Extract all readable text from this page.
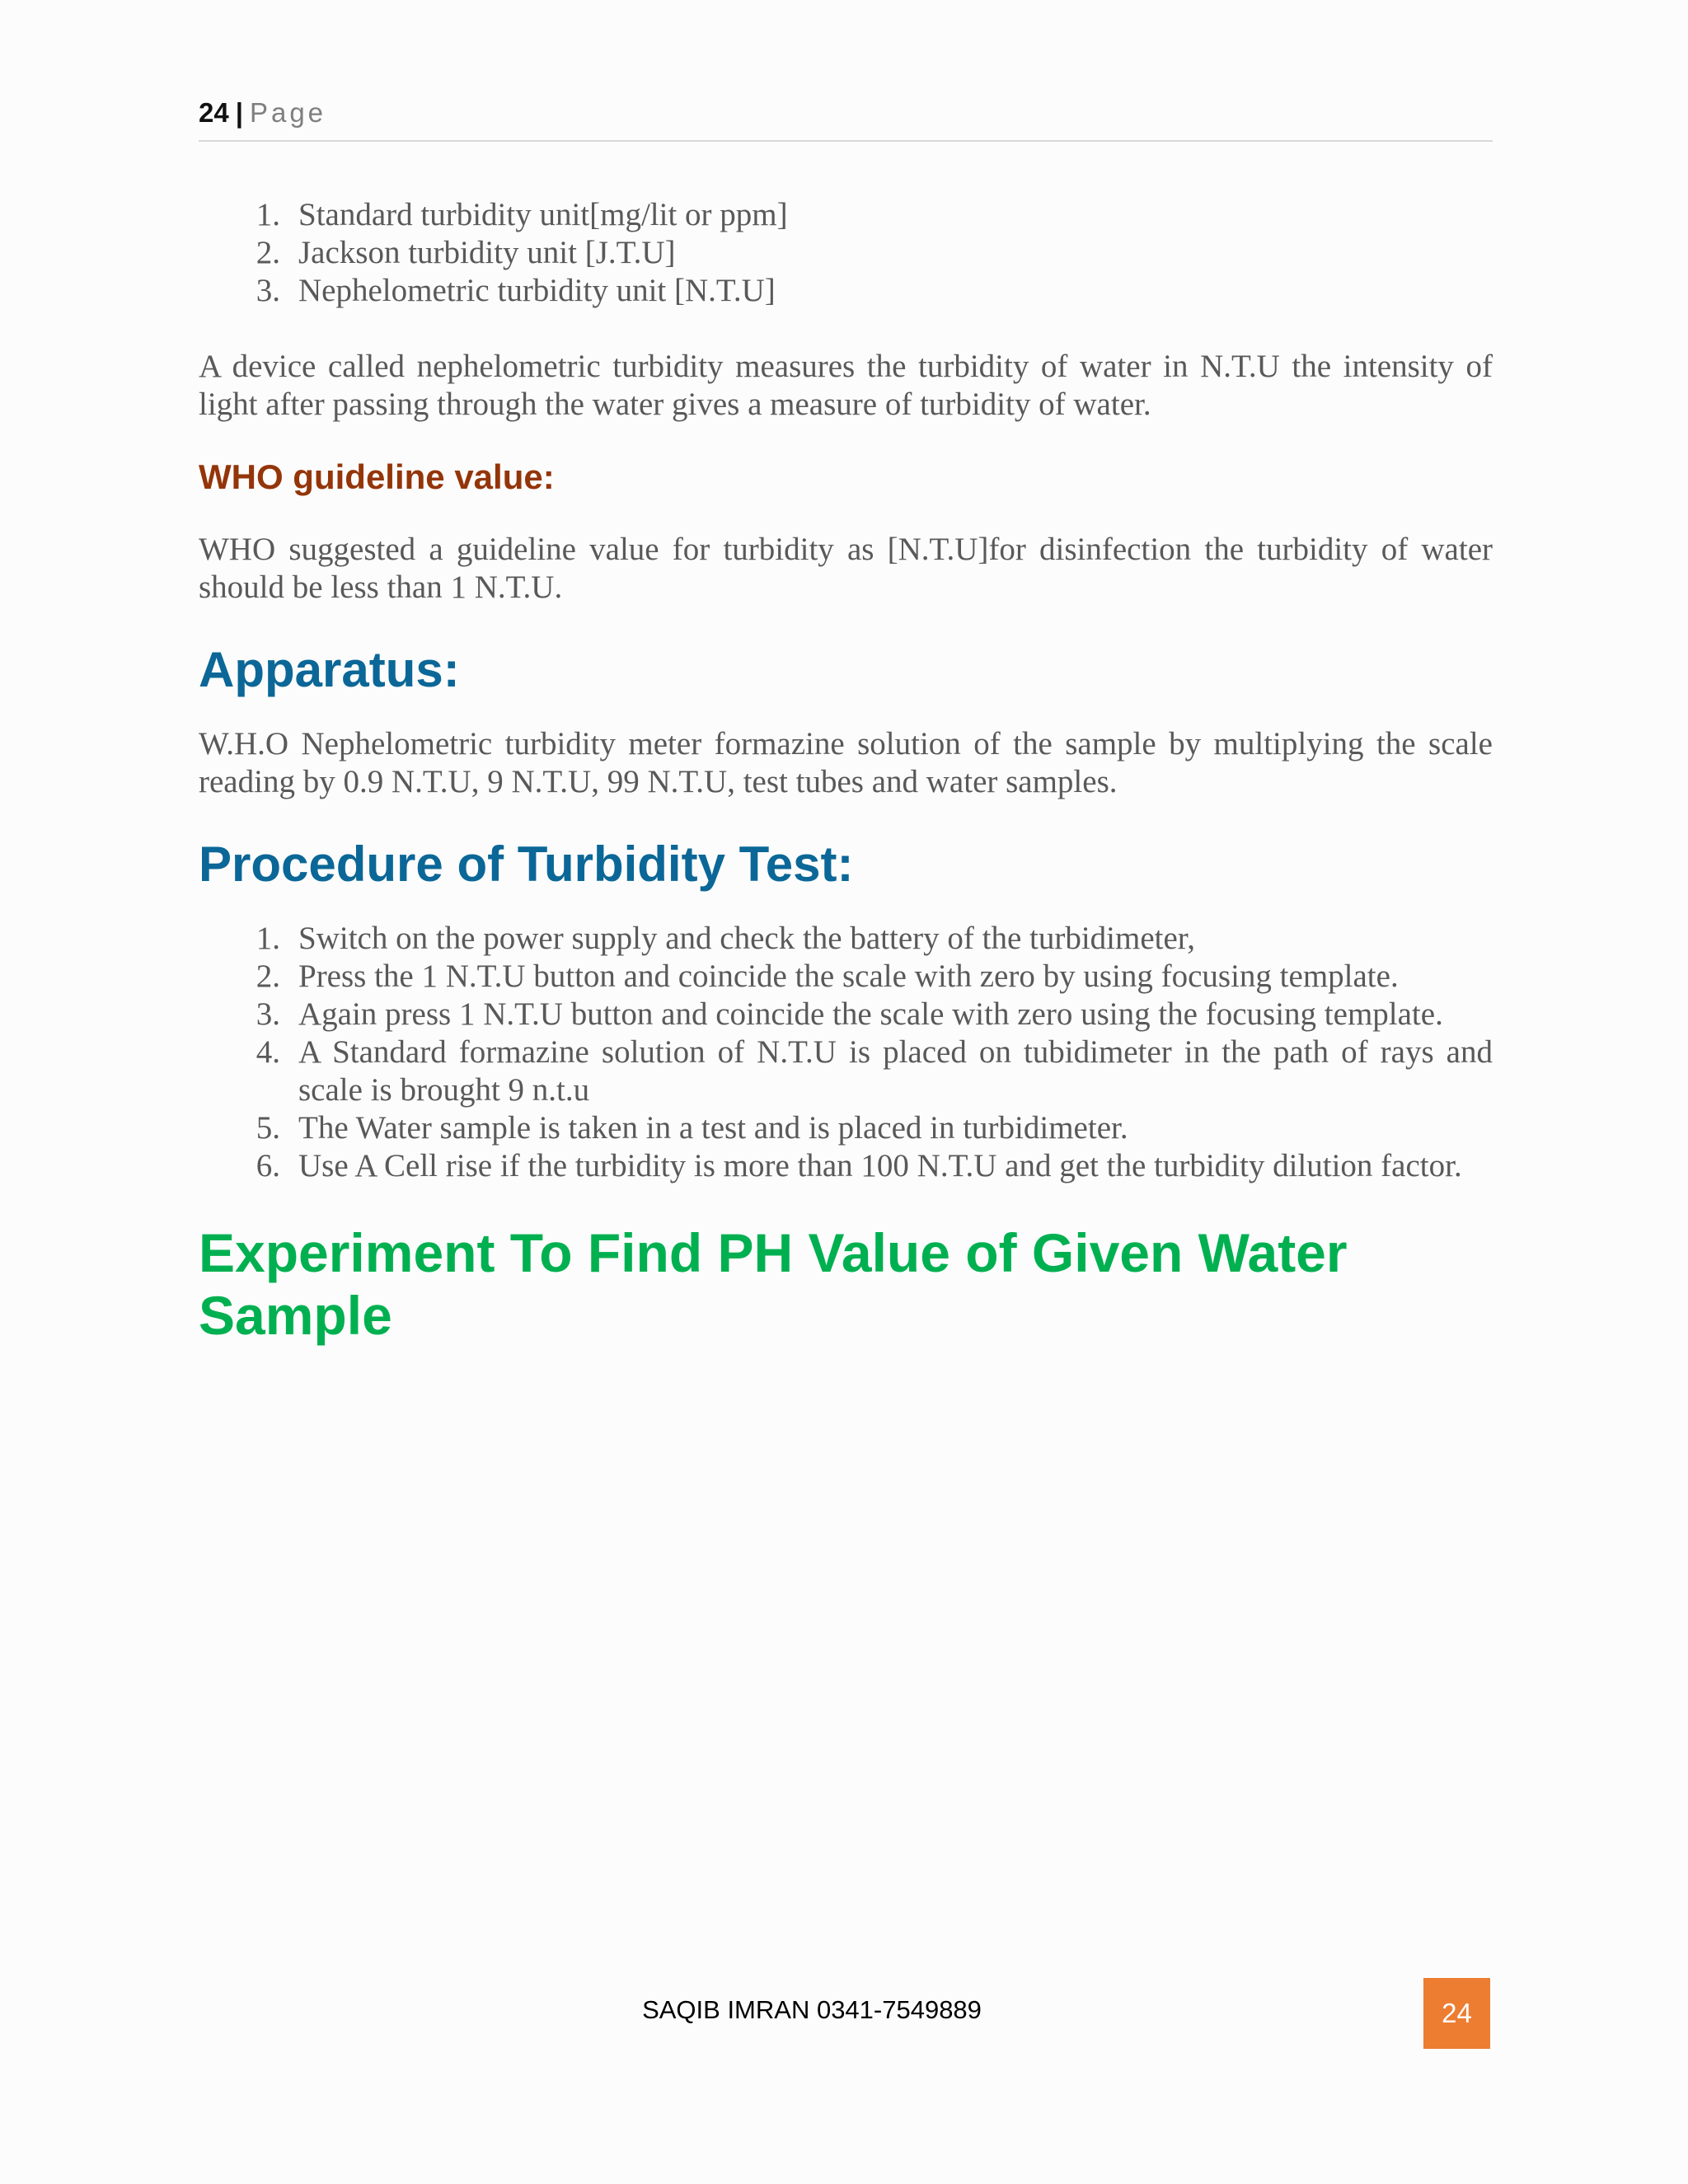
24 | Page
1. Standard turbidity unit[mg/lit or ppm]
2. Jackson turbidity unit [J.T.U]
3. Nephelometric turbidity unit [N.T.U]

A device called nephelometric turbidity measures the turbidity of water in N.T.U the intensity of light after passing through the water gives a measure of turbidity of water.

WHO guideline value:

WHO suggested a guideline value for turbidity as [N.T.U]for disinfection the turbidity of water should be less than 1 N.T.U.

Apparatus:

W.H.O Nephelometric turbidity meter formazine solution of the sample by multiplying the scale reading by 0.9 N.T.U, 9 N.T.U, 99 N.T.U, test tubes and water samples.

Procedure of Turbidity Test:
1. Switch on the power supply and check the battery of the turbidimeter,
2. Press the 1 N.T.U button and coincide the scale with zero by using focusing template.
3. Again press 1 N.T.U button and coincide the scale with zero using the focusing template.
4. A Standard formazine solution of N.T.U is placed on tubidimeter in the path of rays and scale is brought 9 n.t.u
5. The Water sample is taken in a test and is placed in turbidimeter.
6. Use A Cell rise if the turbidity is more than 100 N.T.U and get the turbidity dilution factor.
Experiment To Find PH Value of Given Water Sample
SAQIB IMRAN 0341-7549889	24
